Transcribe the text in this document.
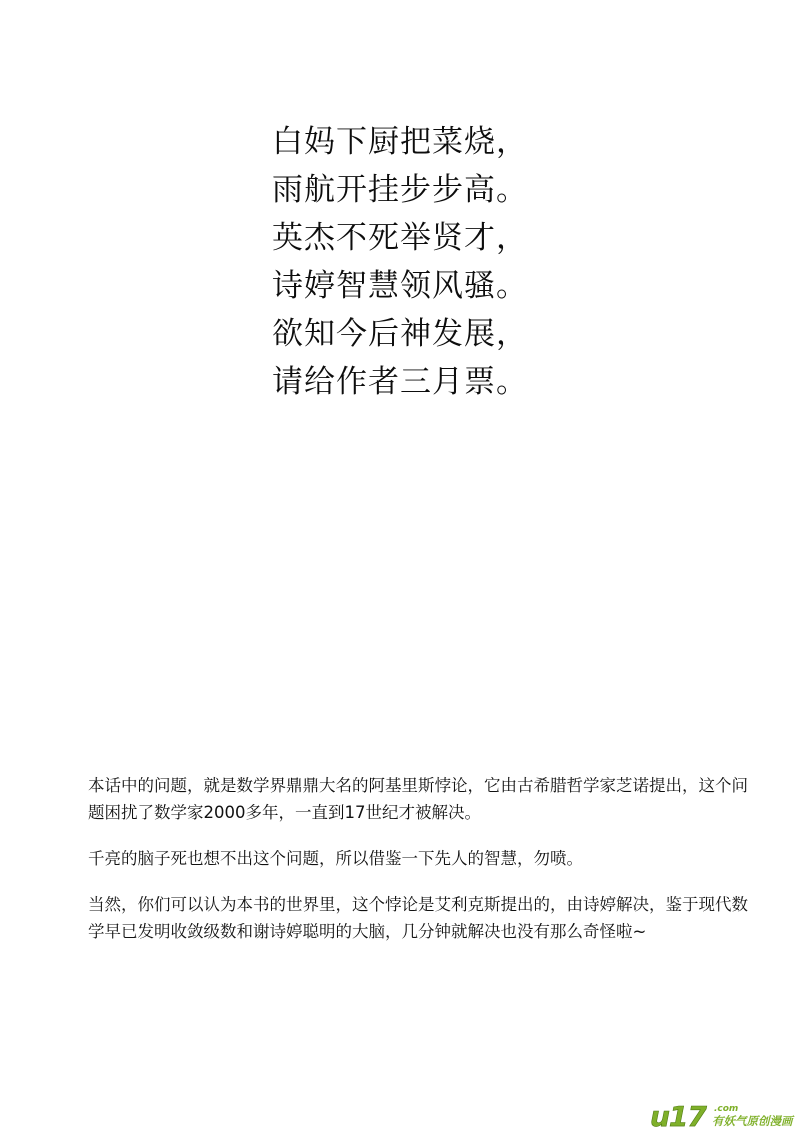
白妈下厨把菜烧，
雨航开挂步步高。
英杰不死举贤才，
诗婷智慧领风骚。
欲知今后神发展，
请给作者三月票。

本话中的问题，就是数学界鼎鼎大名的阿基里斯悖论，它由古希腊哲学家芝诺提出，这个问题困扰了数学家2000多年，一直到17世纪才被解决。

千亮的脑子死也想不出这个问题，所以借鉴一下先人的智慧，勿喷。

当然，你们可以认为本书的世界里，这个悖论是艾利克斯提出的，由诗婷解决，鉴于现代数学早已发明收敛级数和谢诗婷聪明的大脑，几分钟就解决也没有那么奇怪啦~

u17 .com
有妖气原创漫画
